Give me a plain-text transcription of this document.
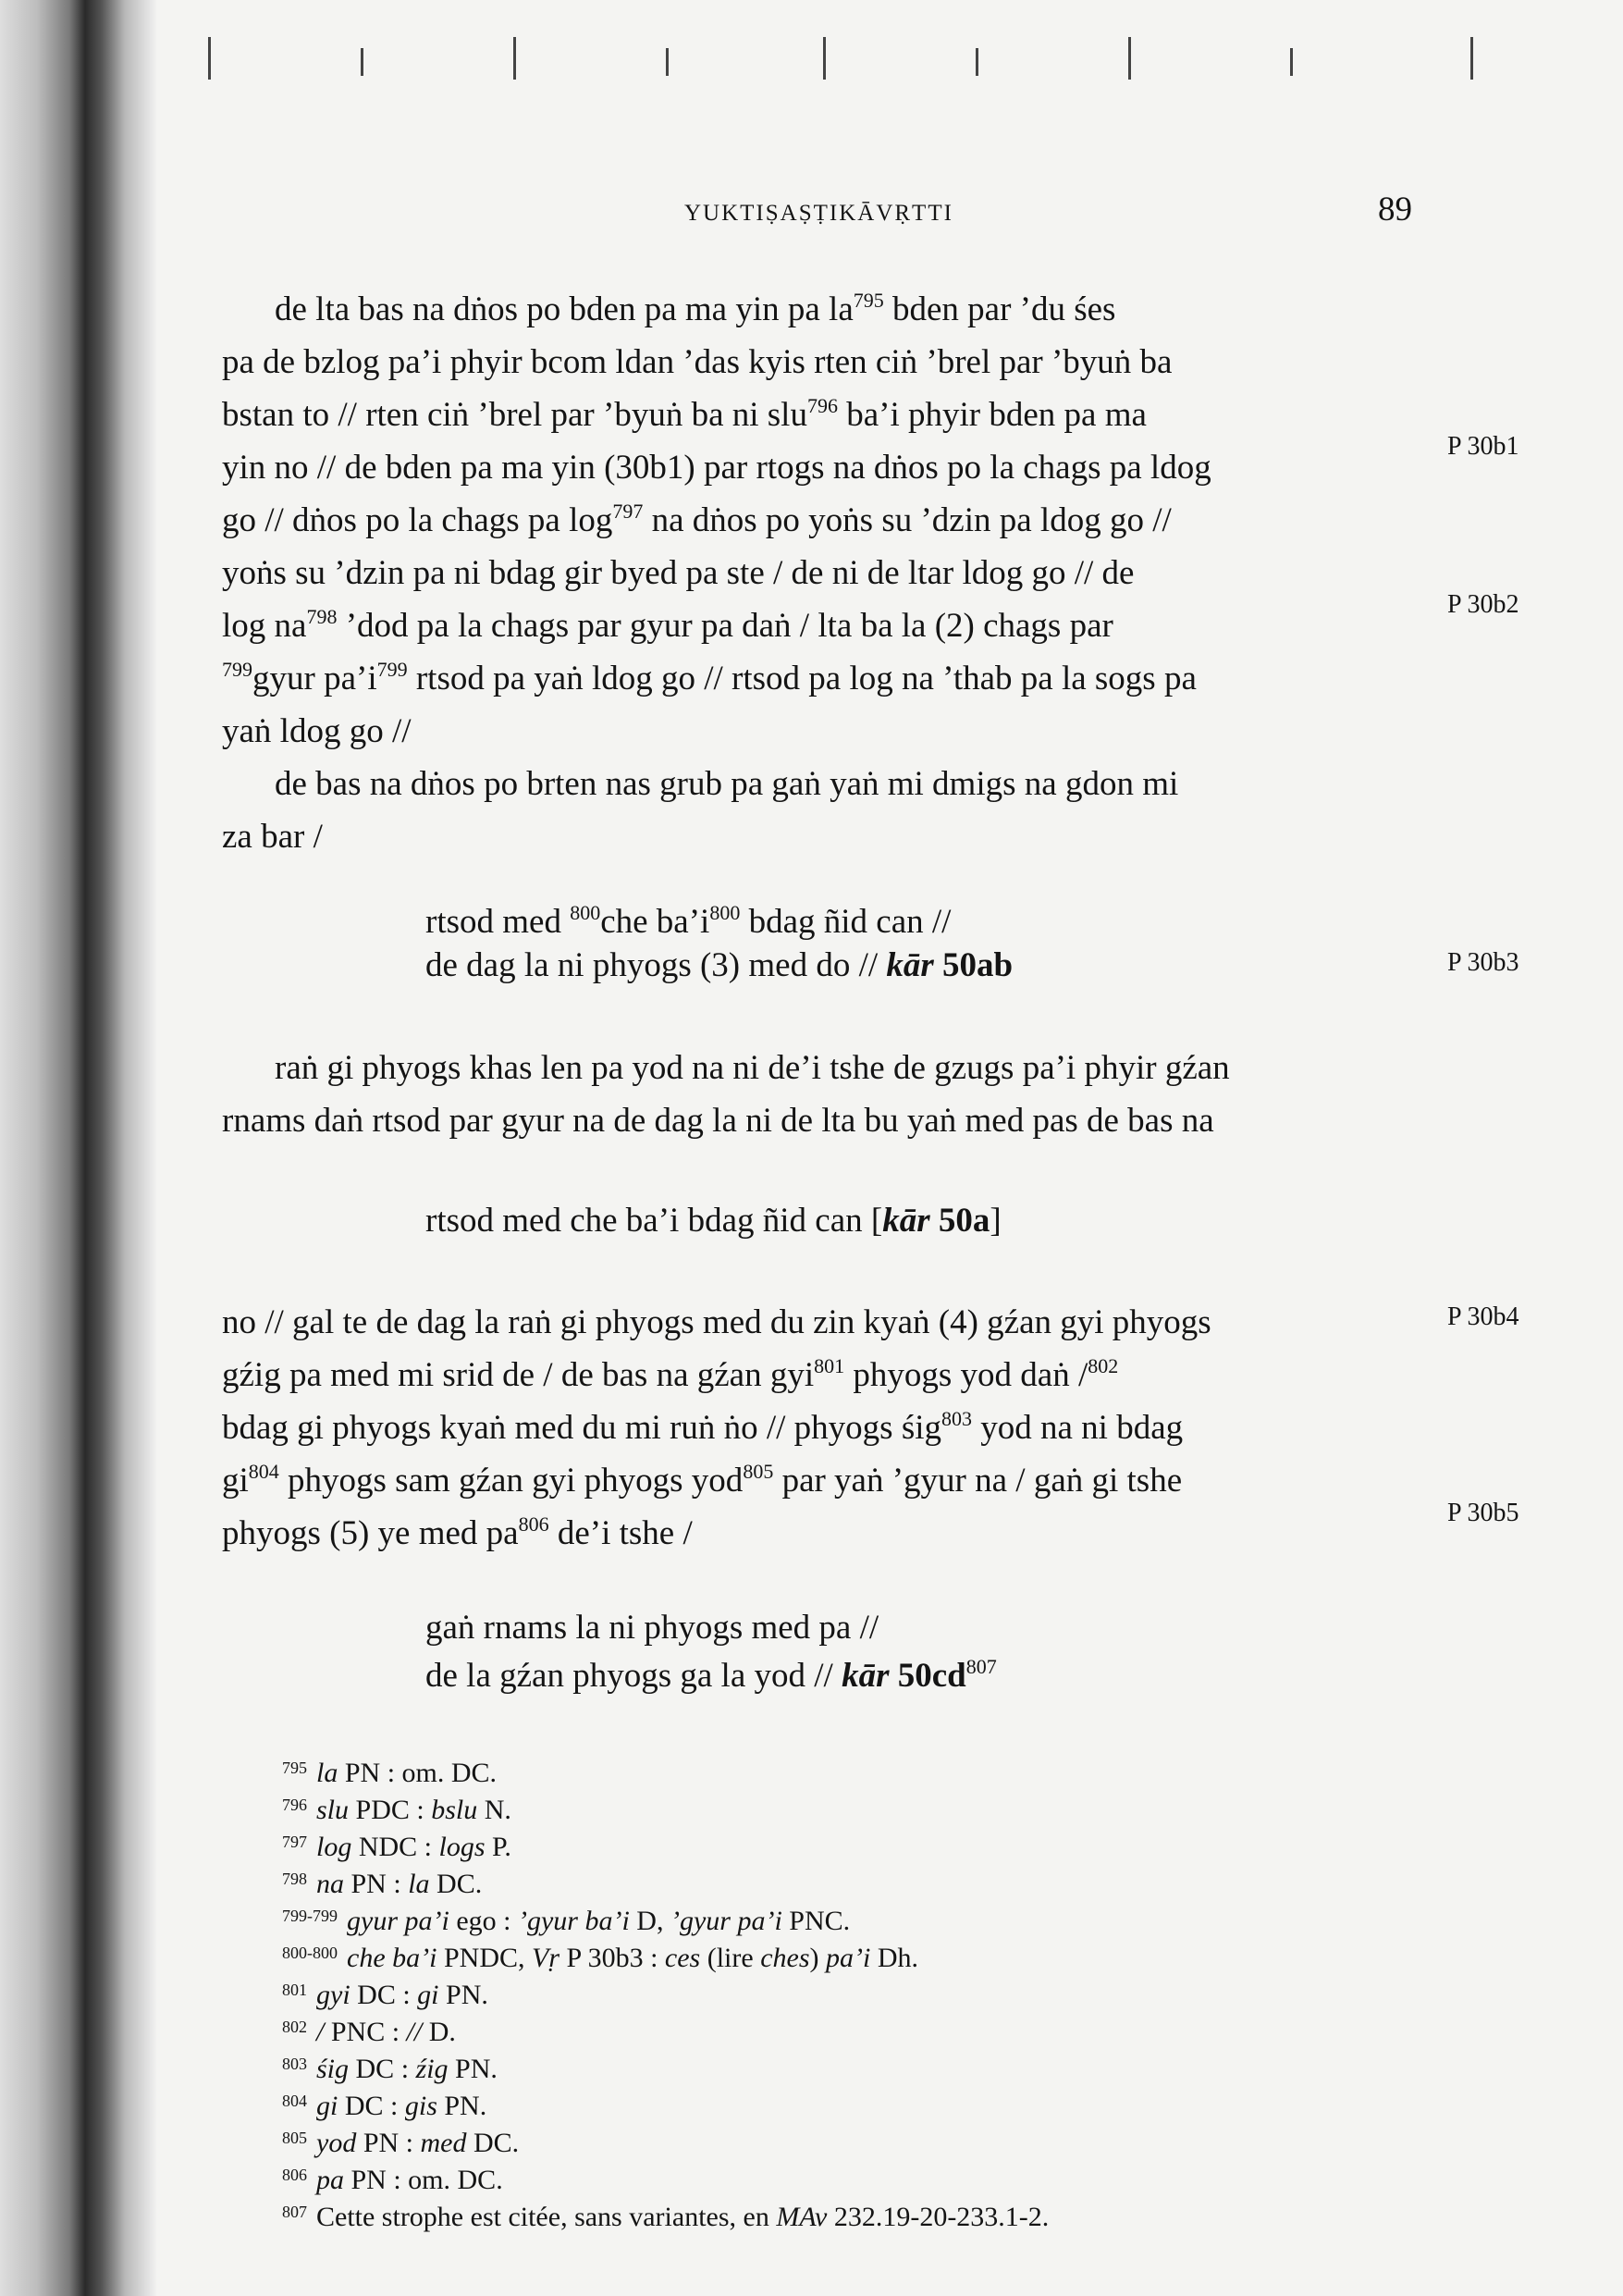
YUKTIṢAṢṬIKĀVṚTTI	89
de lta bas na dṅos po bden pa ma yin pa $la^{795}$ bden par ’du śes
pa de bzlog pa’i phyir bcom ldan ’das kyis rten ciṅ ’brel par ’byuṅ ba
bstan to // rten ciṅ ’brel par ’byuṅ ba ni slu$^{796}$ ba’i phyir bden pa ma
yin no // de bden pa ma yin (30b1) par rtogs na dṅos po la chags pa ldog
go // dṅos po la chags pa $\log^{797}$ na dṅos po yoṅs su ’dzin pa ldog go //
yoṅs su ’dzin pa ni bdag gir byed pa ste / de ni de ltar ldog go // de
$\log na^{798}$ ’dod pa la chags par gyur pa daṅ / lta ba la (2) chags par
$^{799}$gyur $pa’i^{799}$ rtsod pa yaṅ ldog go // rtsod pa log na ’thab pa la sogs pa
yaṅ ldog go //
de bas na dṅos po brten nas grub pa gaṅ yaṅ mi dmigs na gdon mi
za bar /
rtsod med $^{800}$che $ba’i^{800}$ bdag ñid can //
de dag la ni phyogs (3) med do // kār 50ab
raṅ gi phyogs khas len pa yod na ni de’i tshe de gzugs pa’i phyir gźan
rnams daṅ rtsod par gyur na de dag la ni de lta bu yaṅ med pas de bas na
rtsod med che ba’i bdag ñid can [kār 50a]
no // gal te de dag la raṅ gi phyogs med du zin kyaṅ (4) gźan gyi phyogs
gźig pa med mi srid de / de bas na gźan gyi$^{801}$ phyogs yod daṅ /$^{802}$
bdag gi phyogs kyaṅ med du mi ruṅ ṅo // phyogs śig$^{803}$ yod na ni bdag
$gi^{804}$ phyogs sam gźan gyi phyogs yod$^{805}$ par yaṅ ’gyur na / gaṅ gi tshe
phyogs (5) ye med $pa^{806}$ de’i tshe /
gaṅ rnams la ni phyogs med pa //
de la gźan phyogs ga la yod // kār $50cd^{807}$
P 30b1
P 30b2
P 30b3
P 30b4
P 30b5
$^{795}$ la PN : om. DC.
$^{796}$ slu PDC : bslu N.
$^{797}$ log NDC : logs P.
$^{798}$ na PN : la DC.
$^{799-799}$ gyur pa’i ego : ’gyur ba’i D, ’gyur pa’i PNC.
$^{800-800}$ che ba’i PNDC, Vṛ P 30b3 : ces (lire ches) pa’i Dh.
$^{801}$ gyi DC : gi PN.
$^{802}$ / PNC : // D.
$^{803}$ śig DC : źig PN.
$^{804}$ gi DC : gis PN.
$^{805}$ yod PN : med DC.
$^{806}$ pa PN : om. DC.
$^{807}$ Cette strophe est citée, sans variantes, en MAv 232.19-20-233.1-2.
